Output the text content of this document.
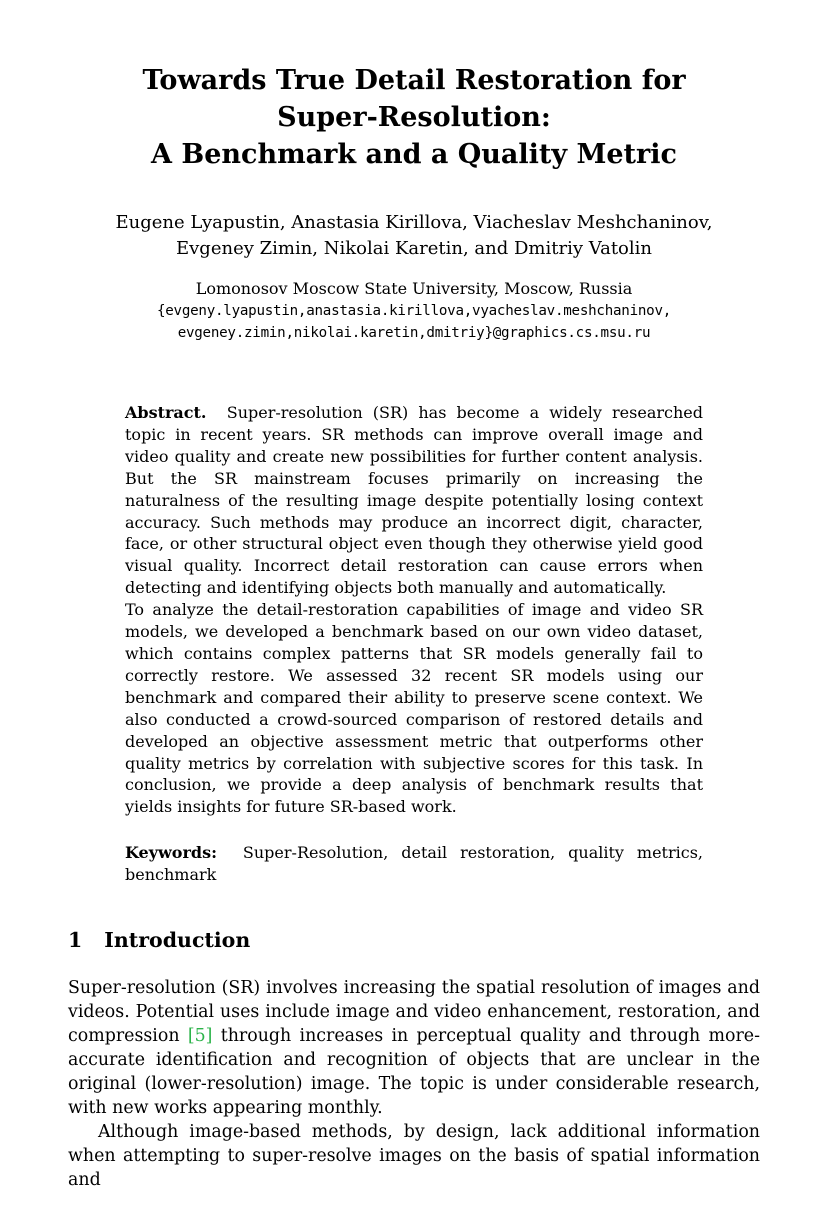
Towards True Detail Restoration for
Super-Resolution:
A Benchmark and a Quality Metric
Eugene Lyapustin, Anastasia Kirillova, Viacheslav Meshchaninov,
Evgeney Zimin, Nikolai Karetin, and Dmitriy Vatolin
Lomonosov Moscow State University, Moscow, Russia
{evgeny.lyapustin,anastasia.kirillova,vyacheslav.meshchaninov,
evgeney.zimin,nikolai.karetin,dmitriy}@graphics.cs.msu.ru

Abstract. Super-resolution (SR) has become a widely researched topic in recent years. SR methods can improve overall image and video quality and create new possibilities for further content analysis. But the SR mainstream focuses primarily on increasing the naturalness of the resulting image despite potentially losing context accuracy. Such methods may produce an incorrect digit, character, face, or other structural object even though they otherwise yield good visual quality. Incorrect detail restoration can cause errors when detecting and identifying objects both manually and automatically.

To analyze the detail-restoration capabilities of image and video SR models, we developed a benchmark based on our own video dataset, which contains complex patterns that SR models generally fail to correctly restore. We assessed 32 recent SR models using our benchmark and compared their ability to preserve scene context. We also conducted a crowd-sourced comparison of restored details and developed an objective assessment metric that outperforms other quality metrics by correlation with subjective scores for this task. In conclusion, we provide a deep analysis of benchmark results that yields insights for future SR-based work.

Keywords: Super-Resolution, detail restoration, quality metrics, benchmark
1 Introduction

Super-resolution (SR) involves increasing the spatial resolution of images and videos. Potential uses include image and video enhancement, restoration, and compression [5] through increases in perceptual quality and through more-accurate identification and recognition of objects that are unclear in the original (lower-resolution) image. The topic is under considerable research, with new works appearing monthly.

Although image-based methods, by design, lack additional information when attempting to super-resolve images on the basis of spatial information and
